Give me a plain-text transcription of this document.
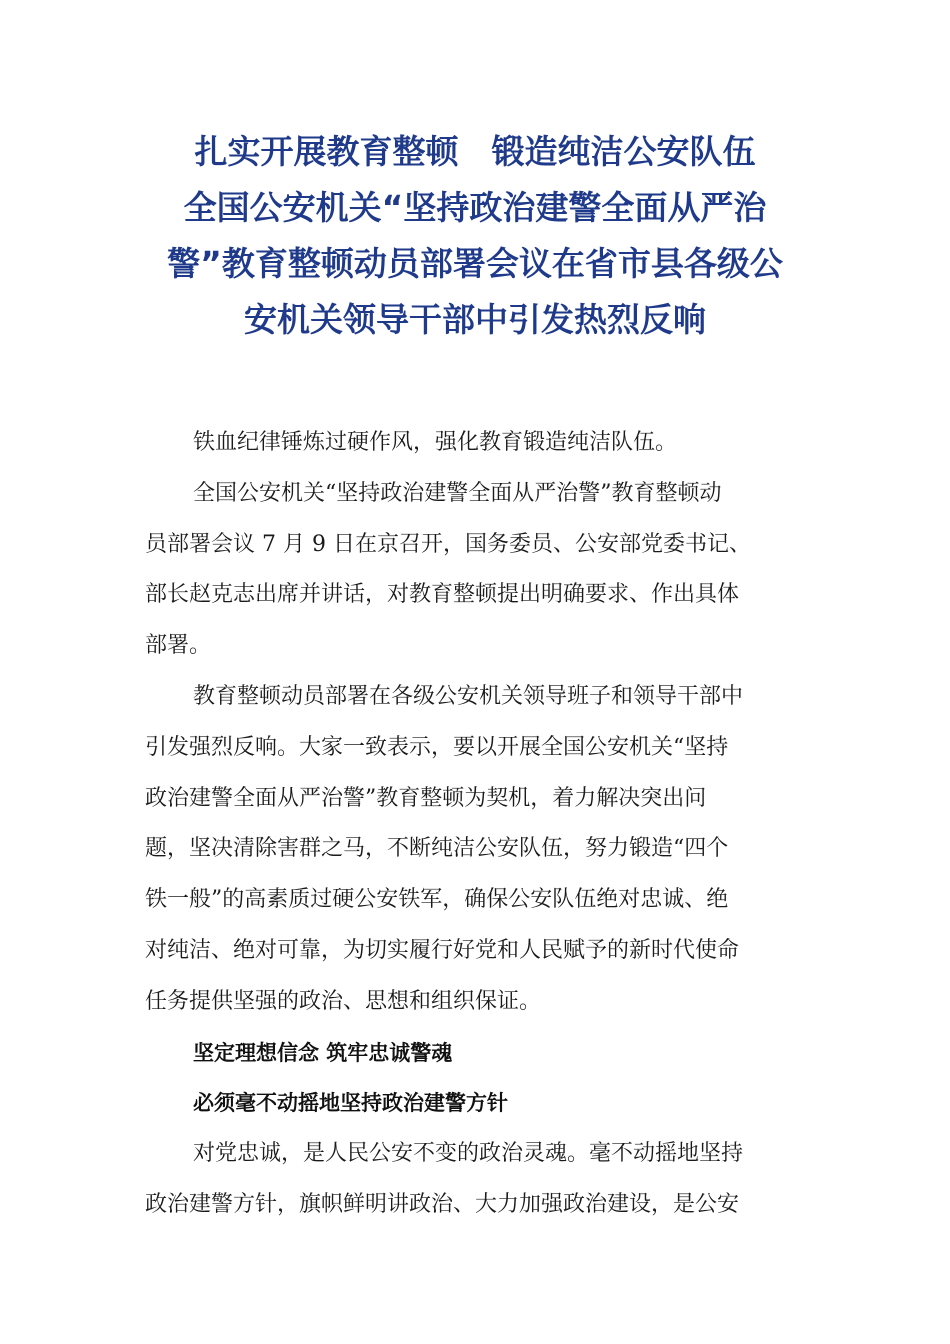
扎实开展教育整顿　锻造纯洁公安队伍
全国公安机关“坚持政治建警全面从严治
警”教育整顿动员部署会议在省市县各级公
安机关领导干部中引发热烈反响

铁血纪律锤炼过硬作风，强化教育锻造纯洁队伍。

全国公安机关“坚持政治建警全面从严治警”教育整顿动
员部署会议 7 月 9 日在京召开，国务委员、公安部党委书记、
部长赵克志出席并讲话，对教育整顿提出明确要求、作出具体
部署。

教育整顿动员部署在各级公安机关领导班子和领导干部中
引发强烈反响。大家一致表示，要以开展全国公安机关“坚持
政治建警全面从严治警”教育整顿为契机，着力解决突出问
题，坚决清除害群之马，不断纯洁公安队伍，努力锻造“四个
铁一般”的高素质过硬公安铁军，确保公安队伍绝对忠诚、绝
对纯洁、绝对可靠，为切实履行好党和人民赋予的新时代使命
任务提供坚强的政治、思想和组织保证。

坚定理想信念 筑牢忠诚警魂

必须毫不动摇地坚持政治建警方针

对党忠诚，是人民公安不变的政治灵魂。毫不动摇地坚持
政治建警方针，旗帜鲜明讲政治、大力加强政治建设，是公安
